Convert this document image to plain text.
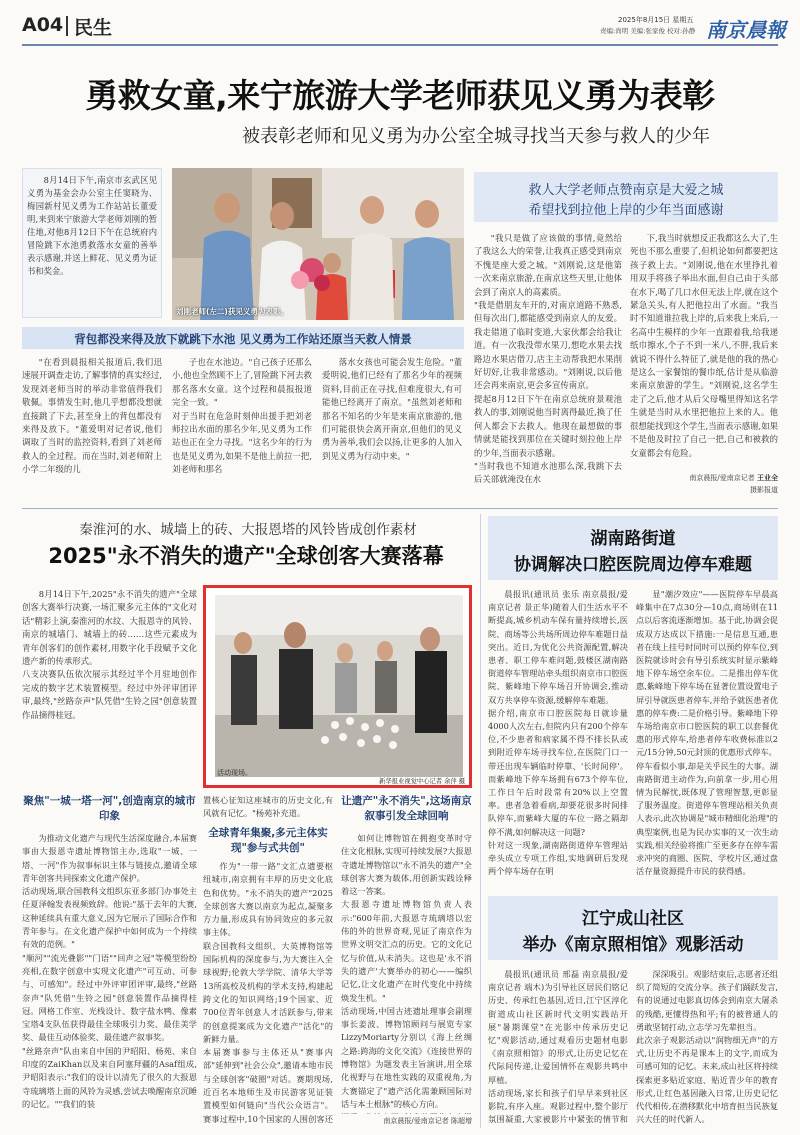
A04 民生	2025年8月15日 星期五
责编:尚明 美编:张家俊 校对:孙静 南京晨報
勇救女童,来宁旅游大学老师获见义勇为表彰
被表彰老师和见义勇为办公室全城寻找当天参与救人的少年
8月14日下午,南京市玄武区见义勇为基金会办公室主任窦晓为、梅园新村见义勇为工作站站长董爱明,来到来宁旅游大学老师刘刚的暂住地,对他8月12日下午在总统府内冒险跳下水池勇救落水女童的善举表示感谢,并送上鲜花、见义勇为证书和奖金。
刘刚老师(左二)获见义勇为表彰。
救人大学老师点赞南京是大爱之城
希望找到拉他上岸的少年当面感谢
背包都没来得及放下就跳下水池 见义勇为工作站还原当天救人情景
"在看到晨报相关报道后,我们迅速展开调查走访,了解事情的真实经过,发现刘老师当时的举动非常值得我们敬佩。事情发生时,他几乎想都没想就直接跳了下去,甚至身上的背包都没有来得及放下。"董爱明对记者说,他们调取了当时的监控资料,看到了刘老师救人的全过程。而在当时,刘老师附上小学二年级的儿
子也在水池边。"自己孩子还那么小,他也全然顾不上了,冒险跳下河去救那名落水女童。这个过程和晨报报道完全一致。"
对于当时在危急时刻伸出援手把刘老师拉出水面的那名少年,见义勇为工作站也正在全力寻找。"这名少年的行为也是见义勇为,如果不是他上前拉一把,刘老师和那名
落水女孩也可能会发生危险。"董爱明说,他们已经有了那名少年的视频资料,目前正在寻找,但难度很大,有可能他已经离开了南京。"虽然刘老师和那名不知名的少年是来南京旅游的,他们可能很快会离开南京,但他们的见义勇为善举,我们会以扬,让更多的人加入到见义勇为行动中来。"
"我只是做了应该做的事情,竟然给了我这么大的荣誉,让我真正感受到南京不愧是座大爱之城。"刘刚说,这是他第一次来南京旅游,在南京这些天里,让他体会到了南京人的高素质。
"我是借朋友车开的,对南京道路不熟悉,但每次出门,都能感受到南京人的友爱。我走错道了临时变道,大家伙都会给我让道。有一次我没带水果刀,想吃水果去找路边水果店借刀,店主主动帮我把水果削好切好,让我非常感动。"刘刚说,以后他还会再来南京,更会多宣传南京。
提起8月12日下午在南京总统府景观池救人的事,刘刚说他当时离得最近,换了任何人都会下去救人。他现在最想做的事情就是能找到那位在关键时刻拉他上岸的少年,当面表示感谢。
"当时我也不知道水池那么深,我跳下去后关部就淹没在水
下,我当时就想反正我都这么大了,生死也不那么重要了,但机论如何都要把这孩子救上去。"刘刚说,他在水里挣扎着用双手将孩子举出水面,但自己由于头部在水下,喝了几口水但无法上岸,就在这个紧急关头,有人把他拉出了水面。"我当时不知道谁拉我上岸的,后来我上来后,一名高中生模样的少年一直跟着我,给我递纸巾擦水,个子不到一米八,不胖,我后来就说不得什么特征了,就是他的我的热心是这么一家餐馆的餐巾纸,估计是从临游来南京旅游的学生。"刘刚说,这名学生走了之后,他才从后父母嘴里得知这名学生就是当时从水里把他拉上来的人。他很想能找到这个学生,当面表示感谢,如果不是他及时拉了自己一把,自己和被救的女童都会有危险。
南京晨报/爱南京记者 王业全
摄影报道
秦淮河的水、城墙上的砖、大报恩塔的风铃皆成创作素材
2025"永不消失的遗产"全球创客大赛落幕
8月14日下午,2025"永不消失的遗产"全球创客大赛举行决赛,一场汇聚多元主体的"文化对话"精彩上演,秦淮河的水纹、大报恩寺的风铃、南京的城墙门、城墙上的砖……这些元素成为青年创客们的创作素材,用数字化手段赋予文化遗产新的传承形式。
八支决赛队伍依次展示其经过半个月驻地创作完成的数字艺术装置模型。经过中外评审团评审,最终,"丝路奈声"队凭借"生铃之园"创意装置作品摘得桂冠。
活动现场。
新华报业视觉中心记者 余萍 摄
聚焦"一城一塔一河",创造南京的城市印象
为推动文化遗产与现代生活深度融合,本届赛事由大报恩寺遗址博物馆主办,选取"一城、一塔、一河"作为叙事标识主体与链接点,邀请全球青年创客共同探索文化遗产保护。
活动现场,联合国教科文组织东亚多部门办事处主任夏泽翰发表视频致辞。他说:"基于去年的大赛,这种延续具有重大意义,因为它展示了国际合作和青年参与。在文化遗产保护中如何成为一个持续有效的范例。"
"顺河""流光叠影""门语""回声之冠"等模型纷纷亮相,在数字创意中实现文化遗产"可互动、可参与、可感知"。经过中外评审团评审,最终,"丝路奈声"队凭借"生铃之园"创意装置作品摘得桂冠。网格工作室、光栈设计、数字盐水鸭、像素宝塔4支队伍获得最佳全球吸引力奖、最佳美学奖、最佳互动体验奖、最佳遗产叙事奖。
"丝路奈声"队由来自中国的尹昭阳、杨苑、来自印度的ZaiKhan以及来自阿塞拜疆的Asaf组成,尹昭阳表示:"我们的设计以清先了很久的大报恩寺琉璃塔上面的风铃为灵感,尝试去唤醒南京沉睡的记忆。""我们的装
置核心征知这座城市的历史文化,有风就有记忆。"杨苑补充道。
全球青年集聚,多元主体实现"参与式共创"
作为"一带一路"文汇点遗要枢纽城市,南京拥有丰厚的历史文化底色和优势。"永不消失的遗产"2025全球创客大赛以南京为起点,凝聚多方力量,形成具有协同效应的多元叙事主体。
联合国教科文组织、大英博物馆等国际机构的深度参与,为大赛注入全球视野;伦敦大学学院、清华大学等13所高校及机构的学术支持,构建起跨文化的知识网络;19个国家、近700位青年创意人才活跃参与,带来的创意提案成为文化遗产"活化"的新鲜力量。
本届赛事参与主体还从"赛事内部"延伸到"社会公众",邀请本地市民与全球创客"破圈"对话。赛期现场,近百名本地师生及市民游客见证装置模型如何链向"当代公众语言"。赛事过程中,10个国家的人围创客还
让遗产"永不消失",这场南京叙事引发全球回响
如何让博物馆在拥抱变革时守住文化根脉,实现可持续发展?大报恩寺遗址博物馆以"永不消失的遗产"全球创客大赛为载体,用创新实践诠释着这一答案。
大报恩寺遗址博物馆负责人表示:"600年前,大报恩寺琉璃塔以宏伟的外的世界奇观,见证了南京作为世界文明交汇点的历史。它的文化记忆与价值,从未消失。这也是'永不消失的遗产'大赛举办的初心——编织记忆,让文化遗产在时代变化中持续焕发生机。"
活动现场,中国古迹遗址理事会副理事长姜波、博物馆顾问与展览专家LizzyMoriarty分别以《海上丝绸之路:跨海的文化交流》《连接世界的博物馆》为题发表主旨演讲,用全球化视野与在地性实践的双重视角,为大赛锚定了"遗产活化需兼顾国际对话与本土根脉"的核心方向。

南京晨报/爱南京记者 陈超增
湖南路街道
协调解决口腔医院周边停车难题
晨报讯(通讯员 张乐 南京晨报/爱南京记者 景正华)随着人们生活水平不断提高,城乡机动车保有量持续增长,医院、商场等公共场所周边停车难题日益突出。近日,为优化公共资源配置,解决患者、职工停车难问题,鼓楼区湖南路街道停车管理站牵头组织南京市口腔医院、紫峰地下停车场召开协调会,推动双方共享停车资源,缓解停车难题。
据介绍,南京市口腔医院每日就诊量4000人次左右,但院内只有200个停车位,不少患者和病家属不得不排长队或到附近停车场寻找车位,在医院门口一带还出现车辆临时停靠、'长时间停'。而紫峰地下停车场拥有673个停车位,工作日午后时段常有20%以上空置率。患者急着看病,却要花很多时间排队停车,而紫峰大厦的车位一路之隔却停不满,如何解决这一问题?
针对这一现象,湖南路街道停车管理站牵头成立专项工作组,实地调研后发现两个停车场存在明
显"潮汐效应"——医院停车早晨高峰集中在7点30分—10点,商场则在11点以后客流逐渐增加。基于此,协调会促成双方达成以下措施:一是信息互通,患者在线上挂号时同时可以预约停车位,到医院就诊时会有导引系统实时显示紫峰地下停车场空余车位。二是推出停车优惠,紫峰地下停车场在显著位置设置电子屏引导就医患者停车,并给予就医患者优惠的停车费:二是价格引导。紫峰地下停车场给南京市口腔医院的职工以套餐优惠的形式停车,给患者停车收费标准以2元/15分钟,50元封顶的优惠形式停车。
停车看似小事,却是关乎民生的大事。湖南路街道主动作为,向前拿一步,用心用情为民解忧,既体现了管理智慧,更彰显了服务温度。街道停车管理站相关负责人表示,此次协调是"城市精细化治理"的典型案例,也是为民办实事的又一次生动实践,相关经验将推广至更多存在停车需求冲突的商圈、医院、学校片区,通过盘活存量资源提升市民的获得感。
江宁成山社区
举办《南京照相馆》观影活动
晨报讯(通讯员 邢磊 南京晨报/爱南京记者 端木)为引导社区居民们铭记历史、传承红色基因,近日,江宁区淳化街道成山社区新时代文明实践站开展"暑期课堂"在光影中传承历史记忆"观影活动,通过观看历史题材电影《南京照相馆》的形式,让历史记忆在代际间传递,让爱国情怀在观影共鸣中厚植。
活动现场,家长和孩子们早早来到社区影院,有序入座。观影过程中,整个影厅氛围凝重,大家被影片中紧张的情节和
深深吸引。观影结束后,志愿者还组织了简短的交流分享。孩子们踊跃发言,有的说通过电影真切体会到南京大屠杀的残酷,更懂得热和平;有的被普通人的勇敢坚韧打动,立志学习先辈担当。
此次亲子观影活动以"润物细无声"的方式,让历史不再是课本上的文字,而成为可感可知的记忆。未来,成山社区将持续探索更多贴近家庭、贴近青少年的教育形式,让红色基因融入日常,让历史记忆代代相传,在潜移默化中培育担当民族复兴大任的时代新人。
